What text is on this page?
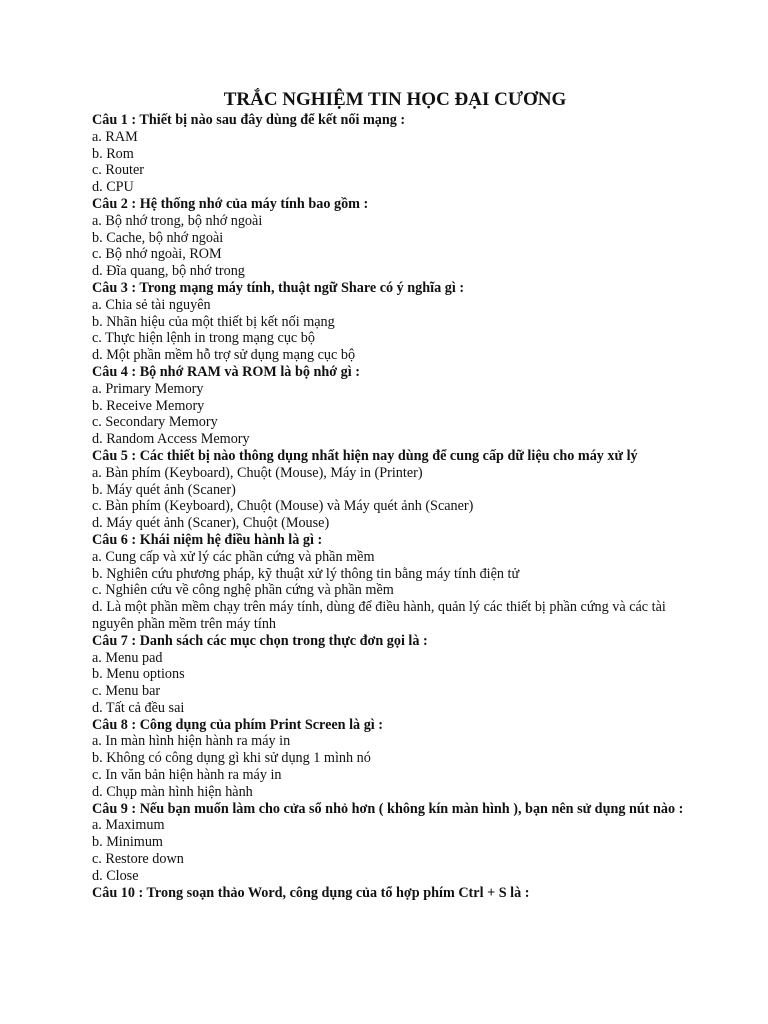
TRẮC NGHIỆM TIN HỌC ĐẠI CƯƠNG

Câu 1 : Thiết bị nào sau đây dùng để kết nối mạng :

a. RAM

b. Rom

c. Router

d. CPU

Câu 2 : Hệ thống nhớ của máy tính bao gồm :

a. Bộ nhớ trong, bộ nhớ ngoài

b. Cache, bộ nhớ ngoài

c. Bộ nhớ ngoài, ROM

d. Đĩa quang, bộ nhớ trong

Câu 3 : Trong mạng máy tính, thuật ngữ Share có ý nghĩa gì :

a. Chia sẻ tài nguyên

b. Nhãn hiệu của một thiết bị kết nối mạng

c. Thực hiện lệnh in trong mạng cục bộ

d. Một phần mềm hỗ trợ sử dụng mạng cục bộ

Câu 4 : Bộ nhớ RAM và ROM là bộ nhớ gì :

a. Primary Memory

b. Receive Memory

c. Secondary Memory

d. Random Access Memory

Câu 5 : Các thiết bị nào thông dụng nhất hiện nay dùng để cung cấp dữ liệu cho máy xử lý

a. Bàn phím (Keyboard), Chuột (Mouse), Máy in (Printer)

b. Máy quét ảnh (Scaner)

c. Bàn phím (Keyboard), Chuột (Mouse) và Máy quét ảnh (Scaner)

d. Máy quét ảnh (Scaner), Chuột (Mouse)

Câu 6 : Khái niệm hệ điều hành là gì :

a. Cung cấp và xử lý các phần cứng và phần mềm

b. Nghiên cứu phương pháp, kỹ thuật xử lý thông tin bằng máy tính điện tử

c. Nghiên cứu về công nghệ phần cứng và phần mềm

d. Là một phần mềm chạy trên máy tính, dùng để điều hành, quản lý các thiết bị phần cứng và các tài nguyên phần mềm trên máy tính

Câu 7 : Danh sách các mục chọn trong thực đơn gọi là :

a. Menu pad

b. Menu options

c. Menu bar

d. Tất cả đều sai

Câu 8 : Công dụng của phím Print Screen là gì :

a. In màn hình hiện hành ra máy in

b. Không có công dụng gì khi sử dụng 1 mình nó

c. In văn bản hiện hành ra máy in

d. Chụp màn hình hiện hành

Câu 9 : Nếu bạn muốn làm cho cửa sổ nhỏ hơn ( không kín màn hình ), bạn nên sử dụng nút nào :

a. Maximum

b. Minimum

c. Restore down

d. Close

Câu 10 : Trong soạn thảo Word, công dụng của tổ hợp phím Ctrl + S là :
